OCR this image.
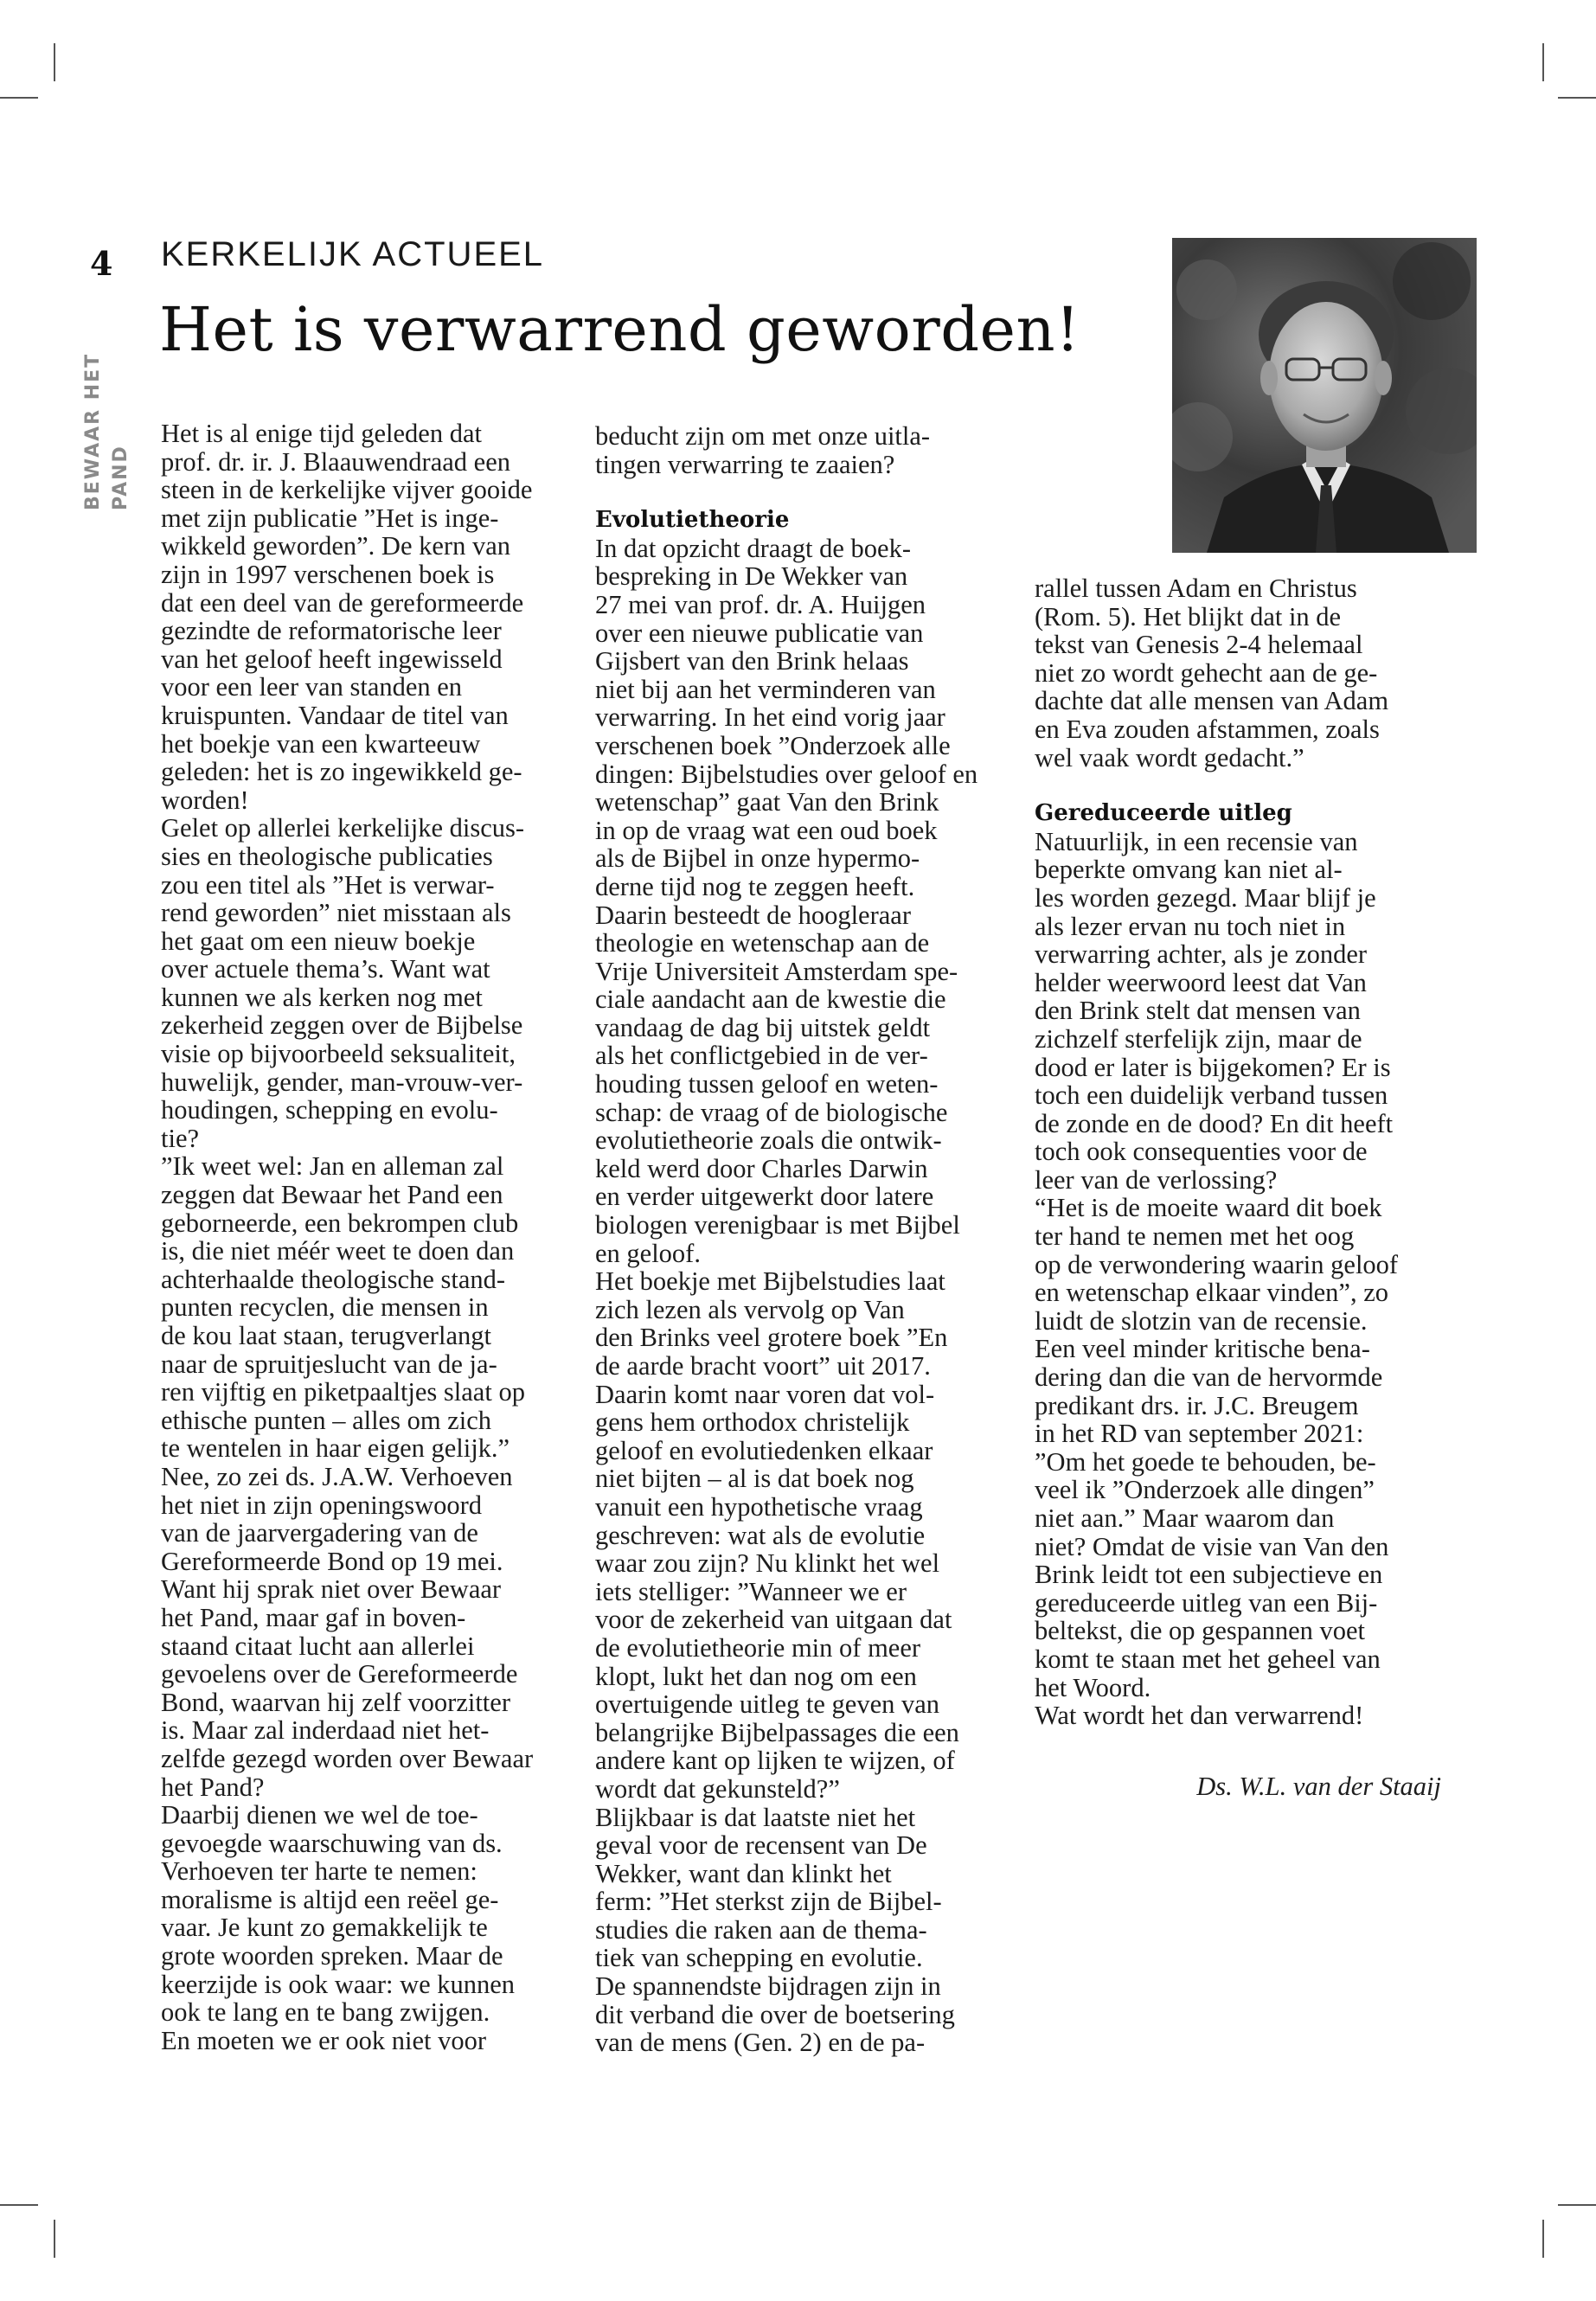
4
BEWAAR HET PAND
KERKELIJK ACTUEEL
Het is verwarrend geworden!

Het is al enige tijd geleden dat

prof. dr. ir. J. Blaauwendraad een

steen in de kerkelijke vijver gooide

met zijn publicatie ”Het is inge-

wikkeld geworden”. De kern van

zijn in 1997 verschenen boek is

dat een deel van de gereformeerde

gezindte de reformatorische leer

van het geloof heeft ingewisseld

voor een leer van standen en

kruispunten. Vandaar de titel van

het boekje van een kwarteeuw

geleden: het is zo ingewikkeld ge-

worden!

Gelet op allerlei kerkelijke discus-

sies en theologische publicaties

zou een titel als ”Het is verwar-

rend geworden” niet misstaan als

het gaat om een nieuw boekje

over actuele thema’s. Want wat

kunnen we als kerken nog met

zekerheid zeggen over de Bijbelse

visie op bijvoorbeeld seksualiteit,

huwelijk, gender, man-vrouw-ver-

houdingen, schepping en evolu-

tie?

”Ik weet wel: Jan en alleman zal

zeggen dat Bewaar het Pand een

geborneerde, een bekrompen club

is, die niet méér weet te doen dan

achterhaalde theologische stand-

punten recyclen, die mensen in

de kou laat staan, terugverlangt

naar de spruitjeslucht van de ja-

ren vijftig en piketpaaltjes slaat op

ethische punten – alles om zich

te wentelen in haar eigen gelijk.”

Nee, zo zei ds. J.A.W. Verhoeven

het niet in zijn openingswoord

van de jaarvergadering van de

Gereformeerde Bond op 19 mei.

Want hij sprak niet over Bewaar

het Pand, maar gaf in boven-

staand citaat lucht aan allerlei

gevoelens over de Gereformeerde

Bond, waarvan hij zelf voorzitter

is. Maar zal inderdaad niet het-

zelfde gezegd worden over Bewaar

het Pand?

Daarbij dienen we wel de toe-

gevoegde waarschuwing van ds.

Verhoeven ter harte te nemen:

moralisme is altijd een reëel ge-

vaar. Je kunt zo gemakkelijk te

grote woorden spreken. Maar de

keerzijde is ook waar: we kunnen

ook te lang en te bang zwijgen.

En moeten we er ook niet voor

beducht zijn om met onze uitla-

tingen verwarring te zaaien?

Evolutietheorie

In dat opzicht draagt de boek-

bespreking in De Wekker van

27 mei van prof. dr. A. Huijgen

over een nieuwe publicatie van

Gijsbert van den Brink helaas

niet bij aan het verminderen van

verwarring. In het eind vorig jaar

verschenen boek ”Onderzoek alle

dingen: Bijbelstudies over geloof en

wetenschap” gaat Van den Brink

in op de vraag wat een oud boek

als de Bijbel in onze hypermo-

derne tijd nog te zeggen heeft.

Daarin besteedt de hoogleraar

theologie en wetenschap aan de

Vrije Universiteit Amsterdam spe-

ciale aandacht aan de kwestie die

vandaag de dag bij uitstek geldt

als het conflictgebied in de ver-

houding tussen geloof en weten-

schap: de vraag of de biologische

evolutietheorie zoals die ontwik-

keld werd door Charles Darwin

en verder uitgewerkt door latere

biologen verenigbaar is met Bijbel

en geloof.

Het boekje met Bijbelstudies laat

zich lezen als vervolg op Van

den Brinks veel grotere boek ”En

de aarde bracht voort” uit 2017.

Daarin komt naar voren dat vol-

gens hem orthodox christelijk

geloof en evolutiedenken elkaar

niet bijten – al is dat boek nog

vanuit een hypothetische vraag

geschreven: wat als de evolutie

waar zou zijn? Nu klinkt het wel

iets stelliger: ”Wanneer we er

voor de zekerheid van uitgaan dat

de evolutietheorie min of meer

klopt, lukt het dan nog om een

overtuigende uitleg te geven van

belangrijke Bijbelpassages die een

andere kant op lijken te wijzen, of

wordt dat gekunsteld?”

Blijkbaar is dat laatste niet het

geval voor de recensent van De

Wekker, want dan klinkt het

ferm: ”Het sterkst zijn de Bijbel-

studies die raken aan de thema-

tiek van schepping en evolutie.

De spannendste bijdragen zijn in

dit verband die over de boetsering

van de mens (Gen. 2) en de pa-

rallel tussen Adam en Christus

(Rom. 5). Het blijkt dat in de

tekst van Genesis 2-4 helemaal

niet zo wordt gehecht aan de ge-

dachte dat alle mensen van Adam

en Eva zouden afstammen, zoals

wel vaak wordt gedacht.”

Gereduceerde uitleg

Natuurlijk, in een recensie van

beperkte omvang kan niet al-

les worden gezegd. Maar blijf je

als lezer ervan nu toch niet in

verwarring achter, als je zonder

helder weerwoord leest dat Van

den Brink stelt dat mensen van

zichzelf sterfelijk zijn, maar de

dood er later is bijgekomen? Er is

toch een duidelijk verband tussen

de zonde en de dood? En dit heeft

toch ook consequenties voor de

leer van de verlossing?

“Het is de moeite waard dit boek

ter hand te nemen met het oog

op de verwondering waarin geloof

en wetenschap elkaar vinden”, zo

luidt de slotzin van de recensie.

Een veel minder kritische bena-

dering dan die van de hervormde

predikant drs. ir. J.C. Breugem

in het RD van september 2021:

”Om het goede te behouden, be-

veel ik ”Onderzoek alle dingen”

niet aan.” Maar waarom dan

niet? Omdat de visie van Van den

Brink leidt tot een subjectieve en

gereduceerde uitleg van een Bij-

beltekst, die op gespannen voet

komt te staan met het geheel van

het Woord.

Wat wordt het dan verwarrend!

Ds. W.L. van der Staaij
